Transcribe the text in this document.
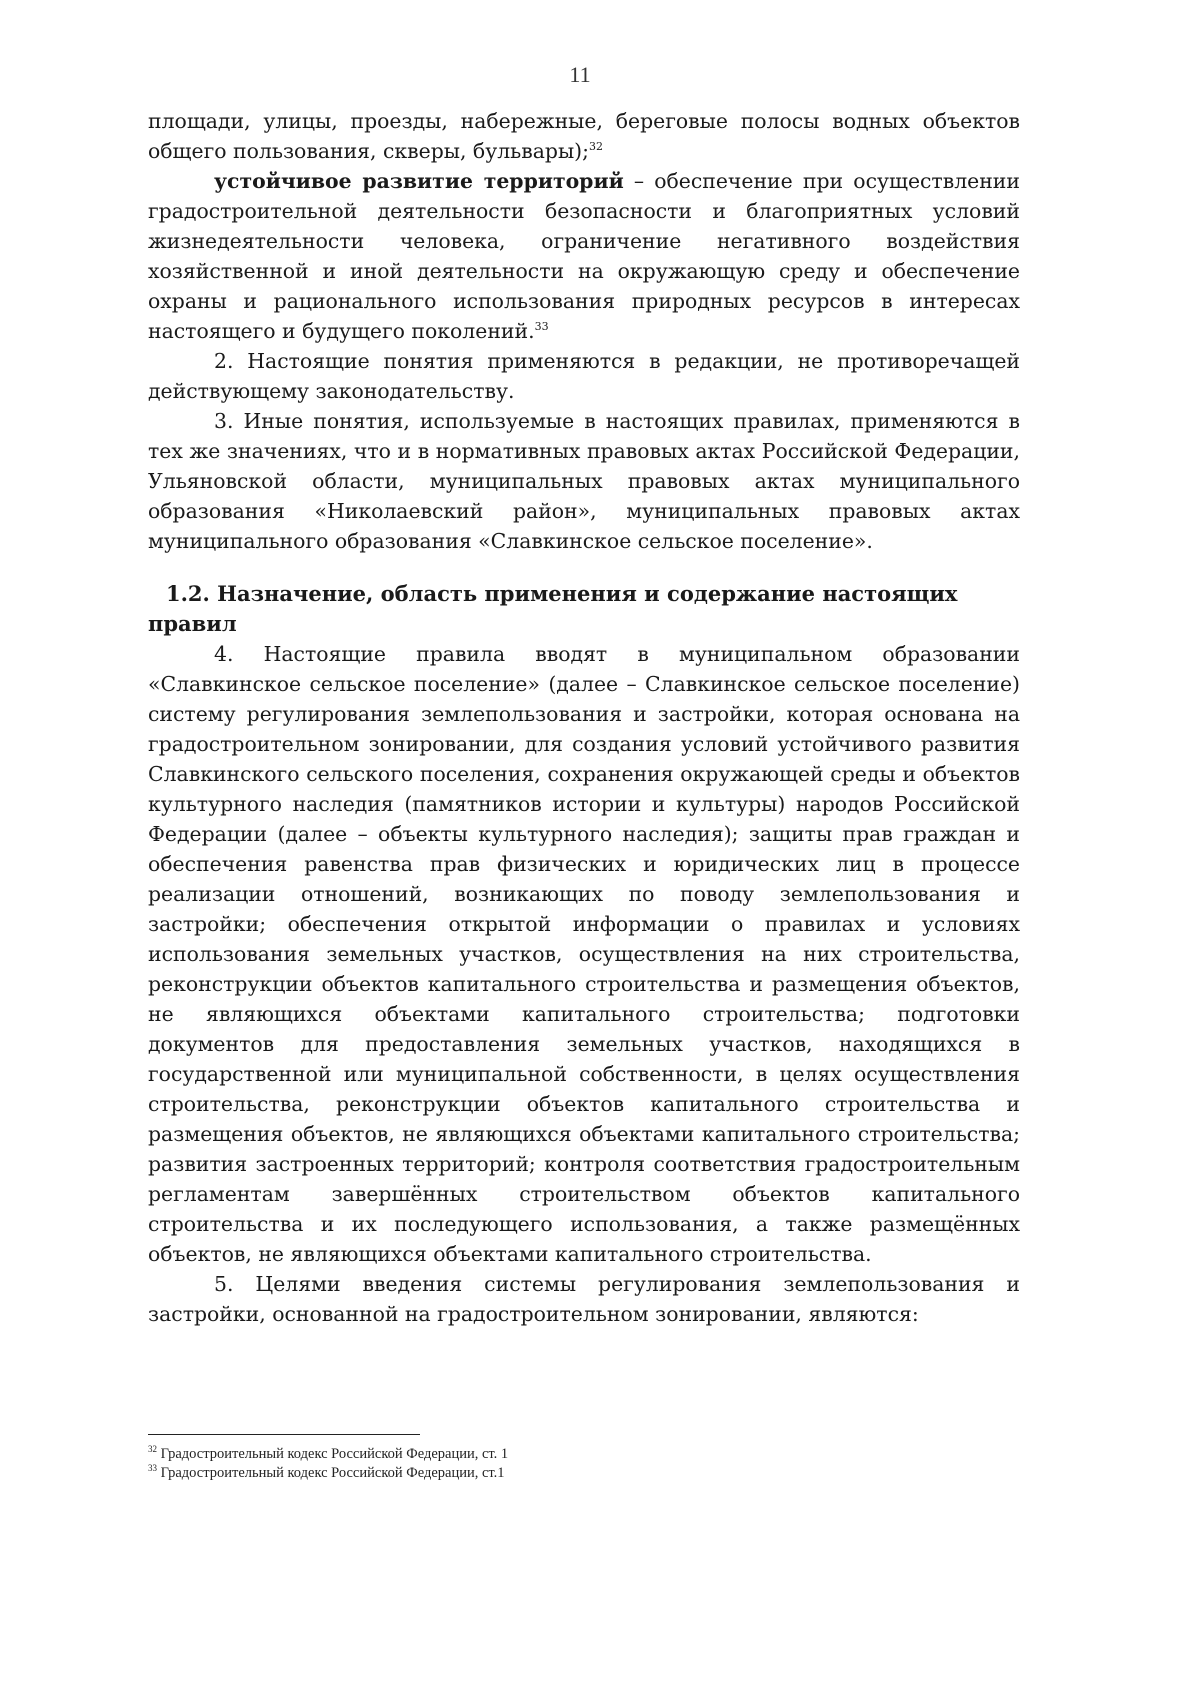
11

площади, улицы, проезды, набережные, береговые полосы водных объектов общего пользования, скверы, бульвары);$^{32}$

устойчивое развитие территорий – обеспечение при осуществлении градостроительной деятельности безопасности и благоприятных условий жизнедеятельности человека, ограничение негативного воздействия хозяйственной и иной деятельности на окружающую среду и обеспечение охраны и рационального использования природных ресурсов в интересах настоящего и будущего поколений.$^{33}$

2. Настоящие понятия применяются в редакции, не противоречащей действующему законодательству.

3. Иные понятия, используемые в настоящих правилах, применяются в тех же значениях, что и в нормативных правовых актах Российской Федерации, Ульяновской области, муниципальных правовых актах муниципального образования «Николаевский район», муниципальных правовых актах муниципального образования «Славкинское сельское поселение».

1.2. Назначение, область применения и содержание настоящих правил

4. Настоящие правила вводят в муниципальном образовании «Славкинское сельское поселение» (далее – Славкинское сельское поселение) систему регулирования землепользования и застройки, которая основана на градостроительном зонировании, для создания условий устойчивого развития Славкинского сельского поселения, сохранения окружающей среды и объектов культурного наследия (памятников истории и культуры) народов Российской Федерации (далее – объекты культурного наследия); защиты прав граждан и обеспечения равенства прав физических и юридических лиц в процессе реализации отношений, возникающих по поводу землепользования и застройки; обеспечения открытой информации о правилах и условиях использования земельных участков, осуществления на них строительства, реконструкции объектов капитального строительства и размещения объектов, не являющихся объектами капитального строительства; подготовки документов для предоставления земельных участков, находящихся в государственной или муниципальной собственности, в целях осуществления строительства, реконструкции объектов капитального строительства и размещения объектов, не являющихся объектами капитального строительства; развития застроенных территорий; контроля соответствия градостроительным регламентам завершённых строительством объектов капитального строительства и их последующего использования, а также размещённых объектов, не являющихся объектами капитального строительства.

5. Целями введения системы регулирования землепользования и застройки, основанной на градостроительном зонировании, являются:

$^{32}$ Градостроительный кодекс Российской Федерации, ст. 1

$^{33}$ Градостроительный кодекс Российской Федерации, ст.1
